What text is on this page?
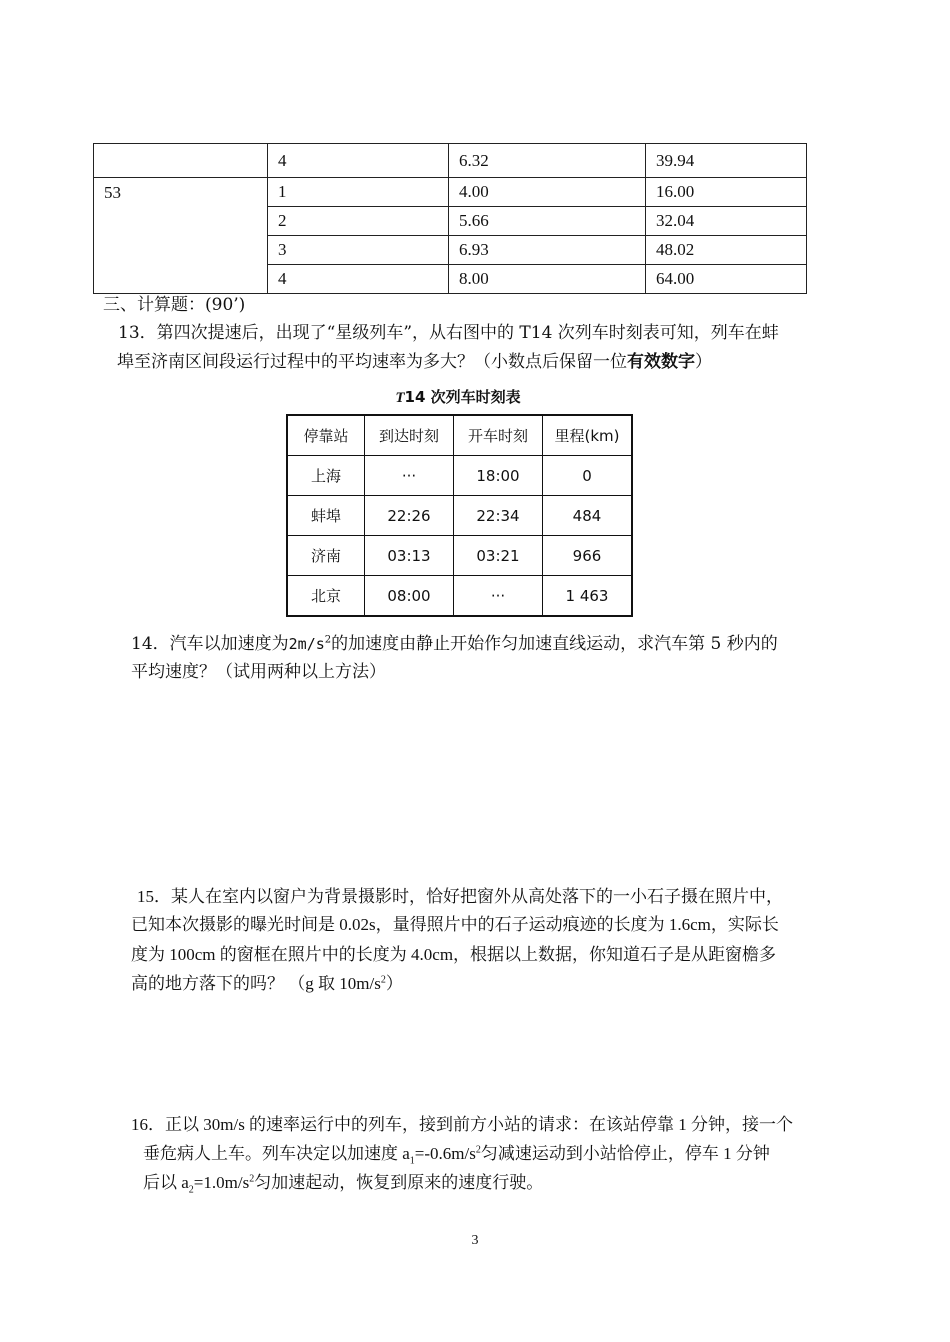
	4	6.32	39.94
53	1	4.00	16.00
	2	5.66	32.04
	3	6.93	48.02
	4	8.00	64.00
三、计算题：(90’)
13．第四次提速后，出现了“星级列车”，从右图中的 T14 次列车时刻表可知，列车在蚌
埠至济南区间段运行过程中的平均速率为多大？（小数点后保留一位有效数字）
T14 次列车时刻表
停靠站	到达时刻	开车时刻	里程(km)
上海	···	18:00	0
蚌埠	22:26	22:34	484
济南	03:13	03:21	966
北京	08:00	···	1 463
14．汽车以加速度为$2m/s^2$的加速度由静止开始作匀加速直线运动，求汽车第 5 秒内的
平均速度？（试用两种以上方法）
15．某人在室内以窗户为背景摄影时，恰好把窗外从高处落下的一小石子摄在照片中，
已知本次摄影的曝光时间是 0.02s，量得照片中的石子运动痕迹的长度为 1.6cm，实际长
度为 100cm 的窗框在照片中的长度为 4.0cm，根据以上数据，你知道石子是从距窗檐多
高的地方落下的吗？ （g 取 $10m/s^2$）
16．正以 30m/s 的速率运行中的列车，接到前方小站的请求：在该站停靠 1 分钟，接一个
垂危病人上车。列车决定以加速度 $a_1=-0.6m/s^2$匀减速运动到小站恰停止，停车 1 分钟
后以 $a_2=1.0m/s^2$匀加速起动，恢复到原来的速度行驶。
3
